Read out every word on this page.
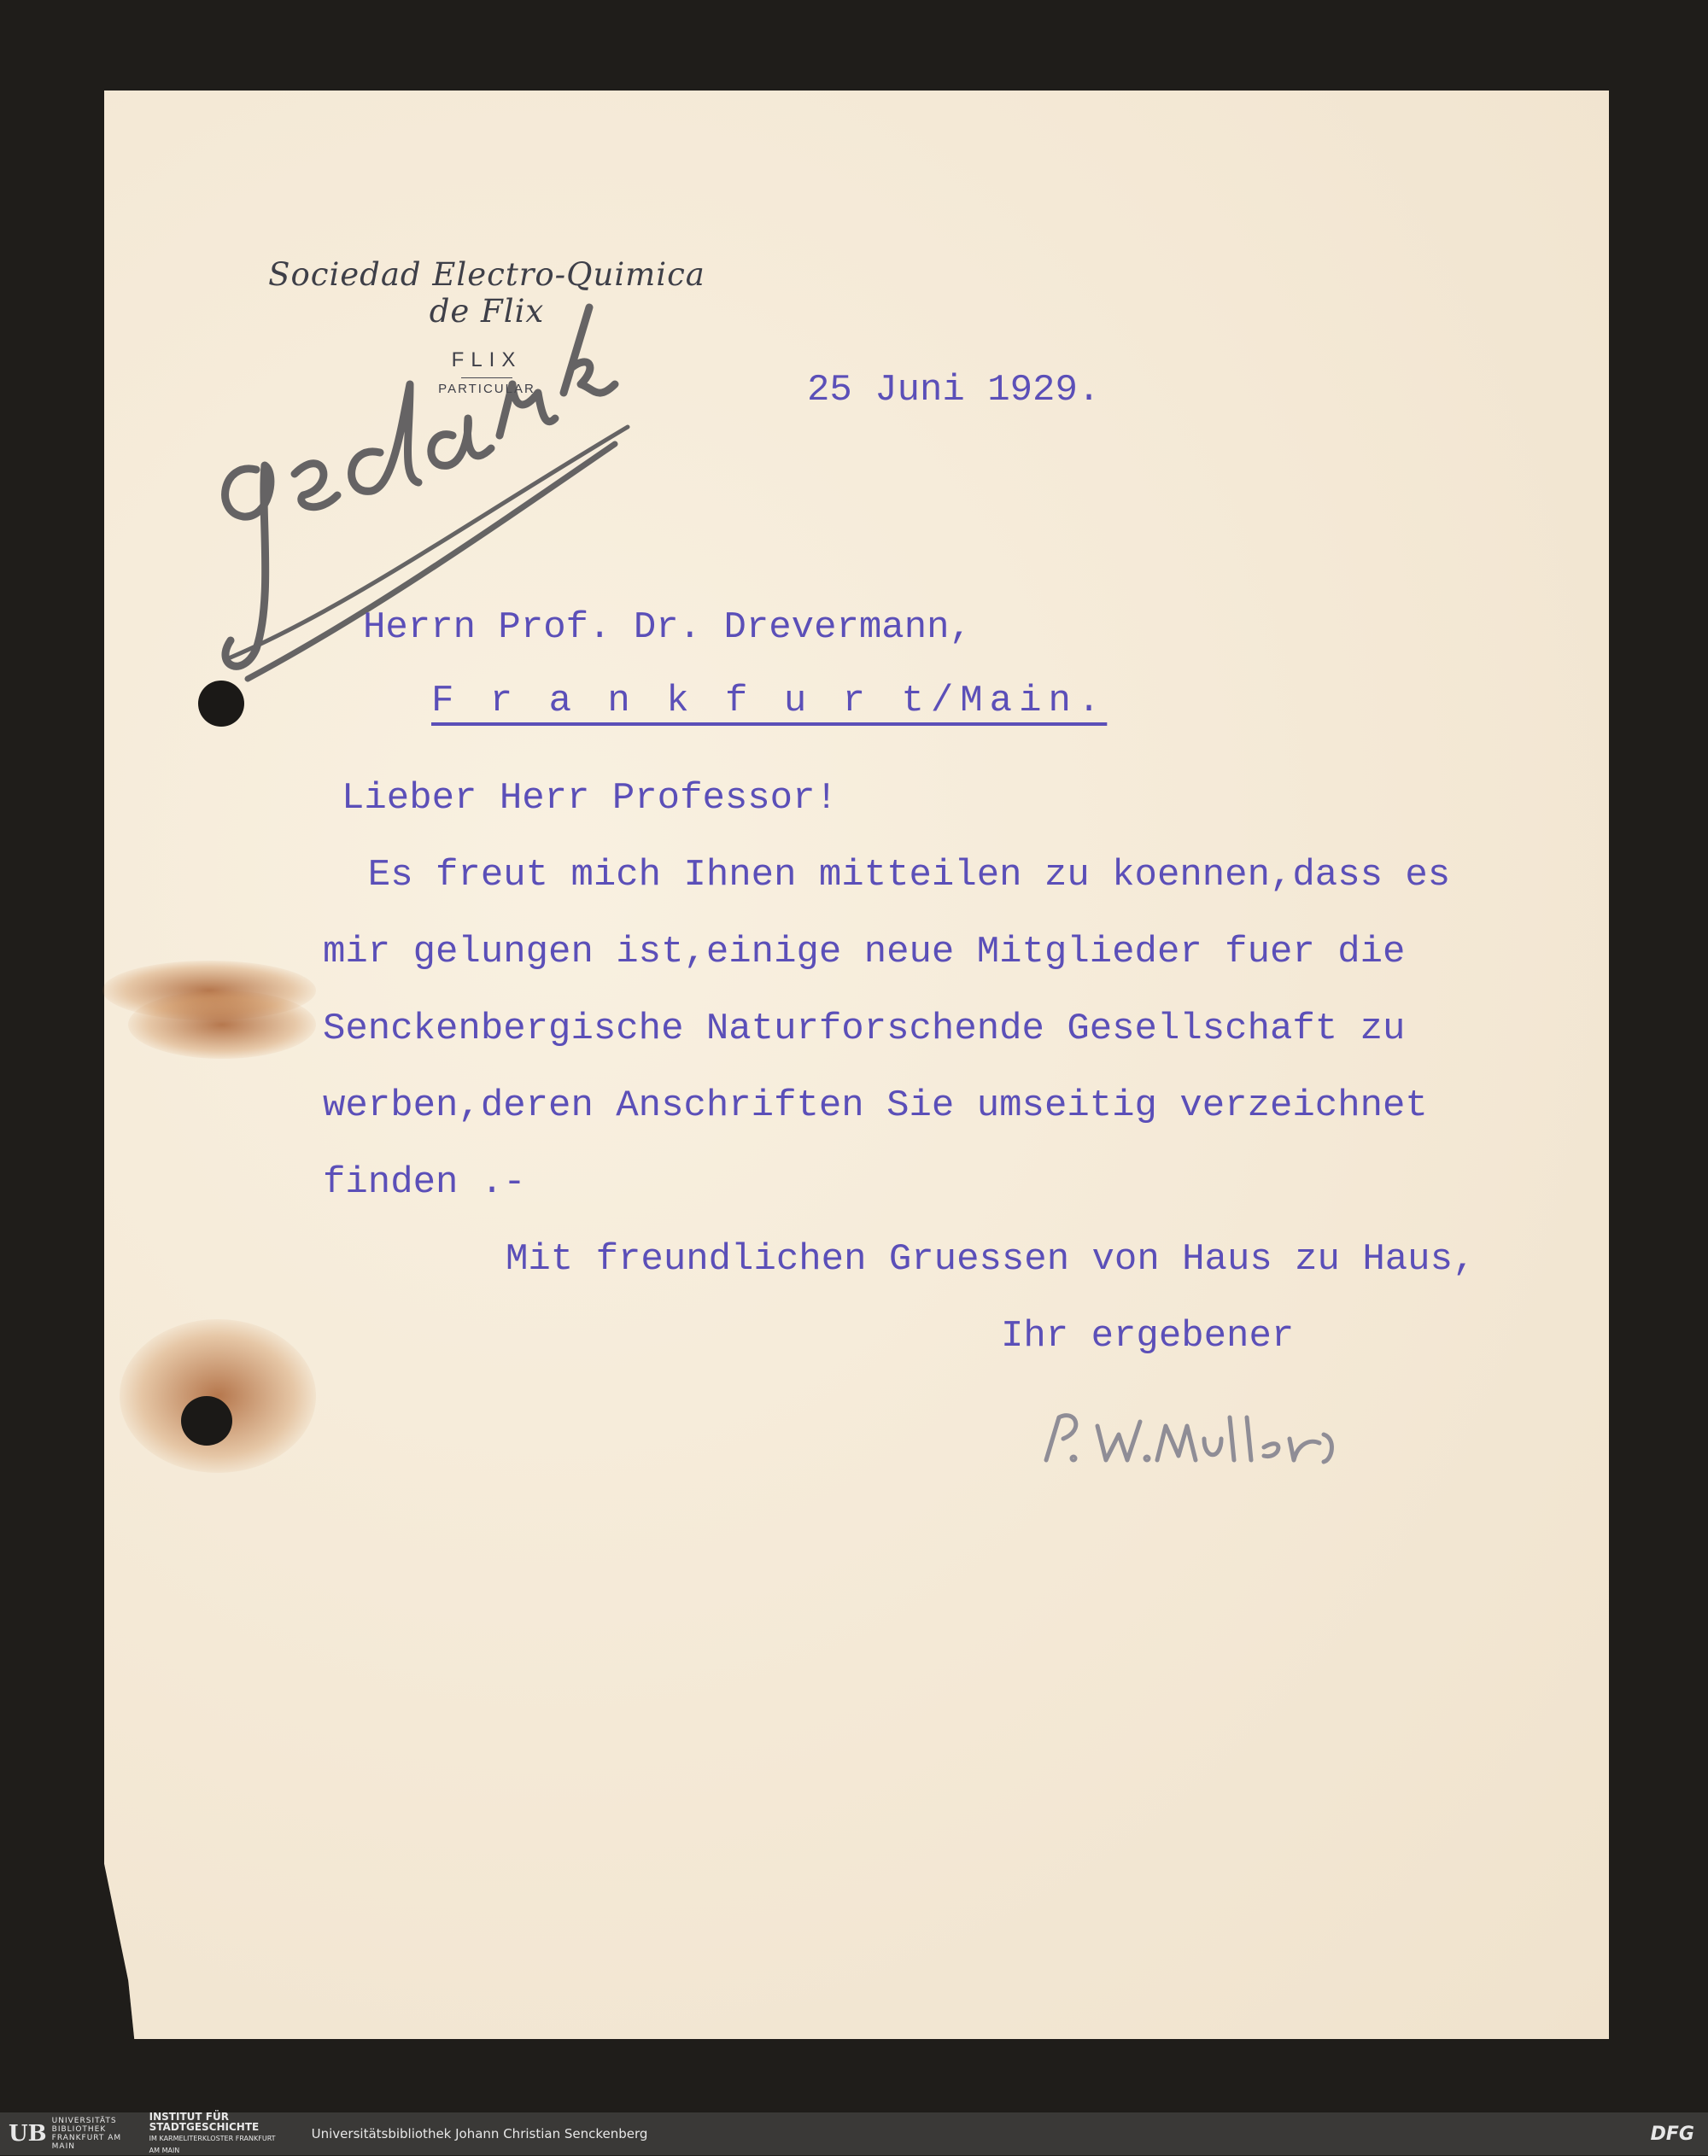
Sociedad Electro-Quimica de Flix
FLIX
PARTICULAR	25 Juni 1929.
Herrn Prof. Dr. Drevermann,
F r a n k f u r t/Main.
Lieber Herr Professor!
Es freut mich Ihnen mitteilen zu koennen,dass es
mir gelungen ist,einige neue Mitglieder fuer die
Senckenbergische Naturforschende Gesellschaft zu
werben,deren Anschriften Sie umseitig verzeichnet
finden .-
Mit freundlichen Gruessen von Haus zu Haus,
Ihr ergebener
UB UNIVERSITÄTS BIBLIOTHEK FRANKFURT AM MAIN
INSTITUT FÜR STADTGESCHICHTE
IM KARMELITERKLOSTER FRANKFURT AM MAIN
Universitätsbibliothek Johann Christian Senckenberg	DFG
